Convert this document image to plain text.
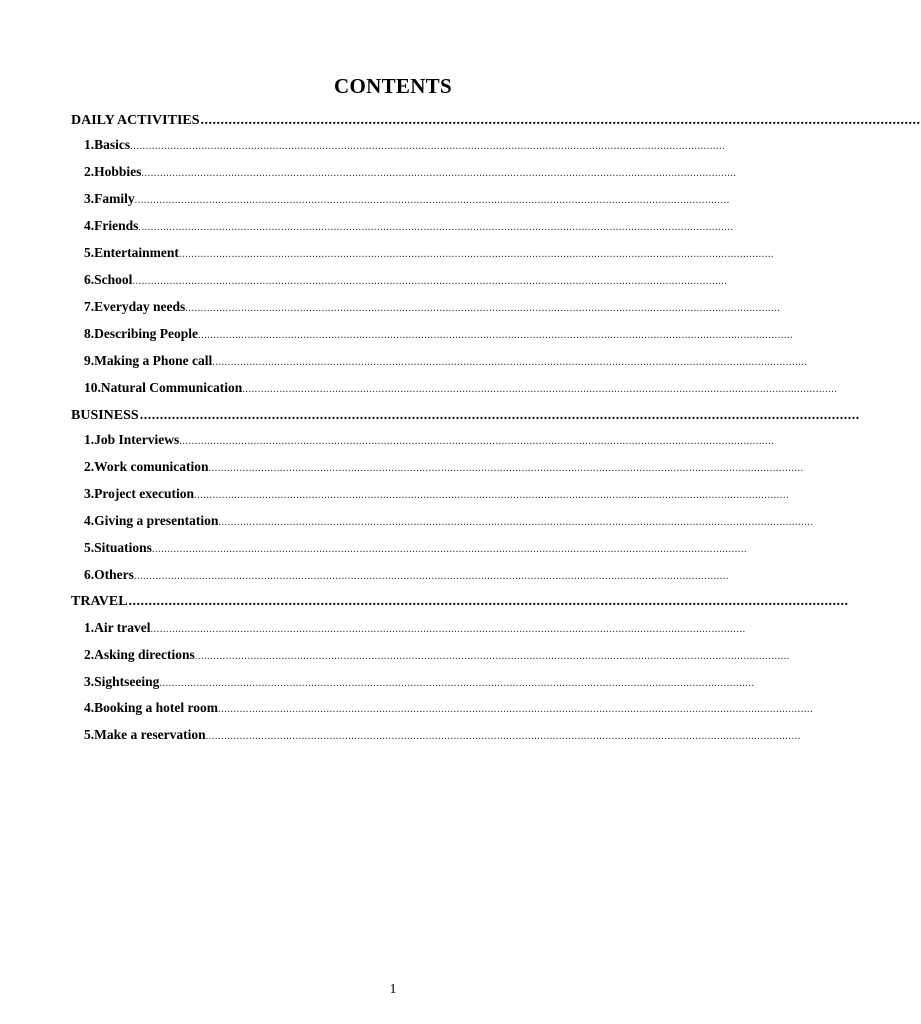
CONTENTS
DAILY ACTIVITIES ....................................................................................................................................................................................
1. Basics ................................................................................................................................................................................................
2. Hobbies ................................................................................................................................................................................................
3. Family ................................................................................................................................................................................................
4. Friends ................................................................................................................................................................................................
5. Entertainment ................................................................................................................................................................................................
6. School ................................................................................................................................................................................................
7. Everyday needs ................................................................................................................................................................................................
8. Describing People ................................................................................................................................................................................................
9. Making a Phone call ................................................................................................................................................................................................
10. Natural Communication ................................................................................................................................................................................................
BUSINESS ....................................................................................................................................................................................
1. Job Interviews ................................................................................................................................................................................................
2. Work comunication ................................................................................................................................................................................................
3. Project execution ................................................................................................................................................................................................
4. Giving a presentation ................................................................................................................................................................................................
5. Situations ................................................................................................................................................................................................
6. Others ................................................................................................................................................................................................
TRAVEL ....................................................................................................................................................................................
1. Air travel ................................................................................................................................................................................................
2. Asking directions ................................................................................................................................................................................................
3. Sightseeing ................................................................................................................................................................................................
4. Booking a hotel room ................................................................................................................................................................................................
5. Make a reservation ................................................................................................................................................................................................
1
